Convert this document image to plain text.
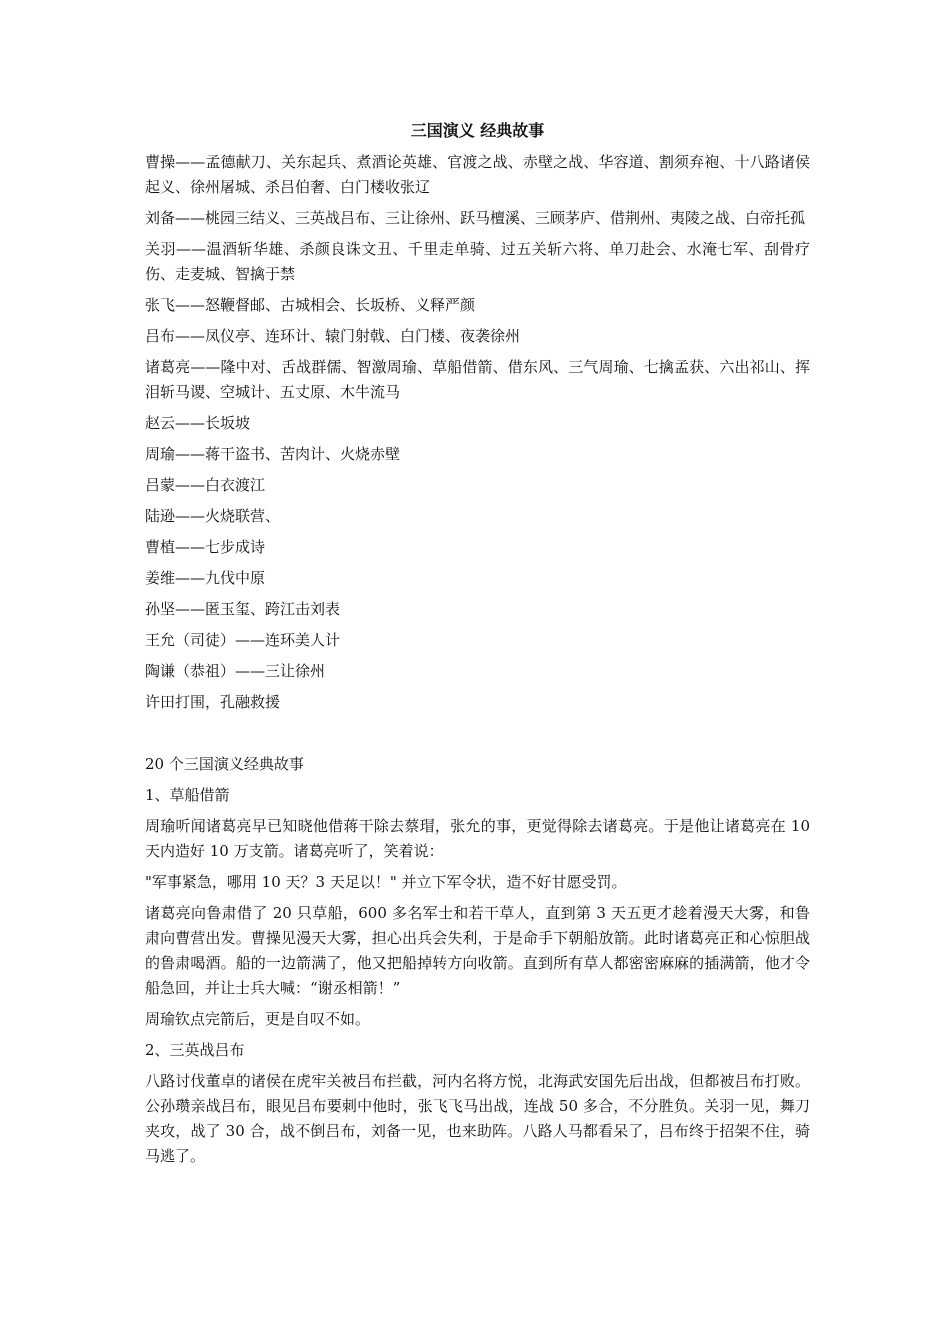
三国演义 经典故事

曹操——孟德献刀、关东起兵、煮酒论英雄、官渡之战、赤壁之战、华容道、割须弃袍、十八路诸侯起义、徐州屠城、杀吕伯奢、白门楼收张辽

刘备——桃园三结义、三英战吕布、三让徐州、跃马檀溪、三顾茅庐、借荆州、夷陵之战、白帝托孤

关羽——温酒斩华雄、杀颜良诛文丑、千里走单骑、过五关斩六将、单刀赴会、水淹七军、刮骨疗伤、走麦城、智擒于禁

张飞——怒鞭督邮、古城相会、长坂桥、义释严颜

吕布——凤仪亭、连环计、辕门射戟、白门楼、夜袭徐州

诸葛亮——隆中对、舌战群儒、智激周瑜、草船借箭、借东风、三气周瑜、七擒孟获、六出祁山、挥泪斩马谡、空城计、五丈原、木牛流马

赵云——长坂坡

周瑜——蒋干盗书、苦肉计、火烧赤壁

吕蒙——白衣渡江

陆逊——火烧联营、

曹植——七步成诗

姜维——九伐中原

孙坚——匿玉玺、跨江击刘表

王允（司徒）——连环美人计

陶谦（恭祖）——三让徐州

许田打围，孔融救援

20 个三国演义经典故事

1、草船借箭

周瑜听闻诸葛亮早已知晓他借蒋干除去蔡瑁，张允的事，更觉得除去诸葛亮。于是他让诸葛亮在 10 天内造好 10 万支箭。诸葛亮听了，笑着说：

"军事紧急，哪用 10 天？3 天足以！" 并立下军令状，造不好甘愿受罚。

诸葛亮向鲁肃借了 20 只草船，600 多名军士和若干草人，直到第 3 天五更才趁着漫天大雾，和鲁肃向曹营出发。曹操见漫天大雾，担心出兵会失利，于是命手下朝船放箭。此时诸葛亮正和心惊胆战的鲁肃喝酒。船的一边箭满了，他又把船掉转方向收箭。直到所有草人都密密麻麻的插满箭，他才令船急回，并让士兵大喊：“谢丞相箭！”

周瑜钦点完箭后，更是自叹不如。

2、三英战吕布

八路讨伐董卓的诸侯在虎牢关被吕布拦截，河内名将方悦，北海武安国先后出战，但都被吕布打败。公孙瓒亲战吕布，眼见吕布要刺中他时，张飞飞马出战，连战 50 多合，不分胜负。关羽一见，舞刀夹攻，战了 30 合，战不倒吕布，刘备一见，也来助阵。八路人马都看呆了，吕布终于招架不住，骑马逃了。
